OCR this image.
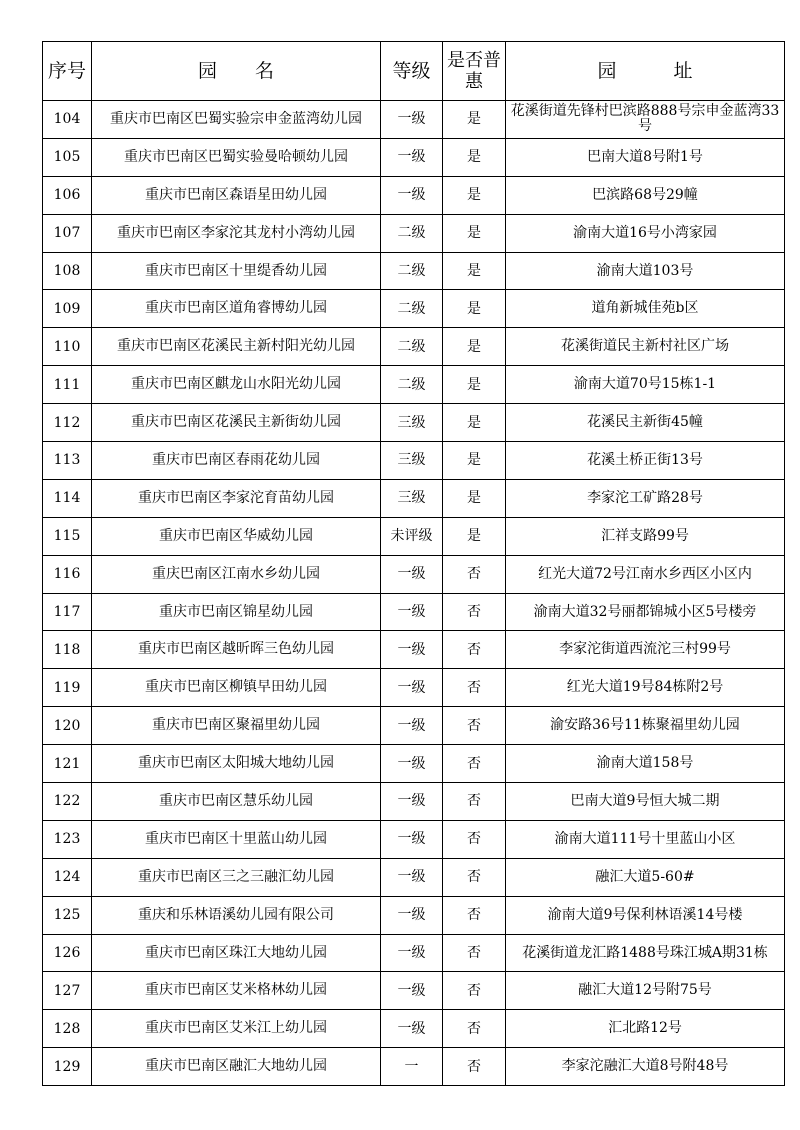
序号	园　　名	等级	是否普惠	园　　　址
104	重庆市巴南区巴蜀实验宗申金蓝湾幼儿园	一级	是	花溪街道先锋村巴滨路888号宗申金蓝湾33号
105	重庆市巴南区巴蜀实验曼哈顿幼儿园	一级	是	巴南大道8号附1号
106	重庆市巴南区森语星田幼儿园	一级	是	巴滨路68号29幢
107	重庆市巴南区李家沱其龙村小湾幼儿园	二级	是	渝南大道16号小湾家园
108	重庆市巴南区十里缇香幼儿园	二级	是	渝南大道103号
109	重庆市巴南区道角睿博幼儿园	二级	是	道角新城佳苑b区
110	重庆市巴南区花溪民主新村阳光幼儿园	二级	是	花溪街道民主新村社区广场
111	重庆市巴南区麒龙山水阳光幼儿园	二级	是	渝南大道70号15栋1-1
112	重庆市巴南区花溪民主新街幼儿园	三级	是	花溪民主新街45幢
113	重庆市巴南区春雨花幼儿园	三级	是	花溪土桥正街13号
114	重庆市巴南区李家沱育苗幼儿园	三级	是	李家沱工矿路28号
115	重庆市巴南区华威幼儿园	未评级	是	汇祥支路99号
116	重庆巴南区江南水乡幼儿园	一级	否	红光大道72号江南水乡西区小区内
117	重庆市巴南区锦星幼儿园	一级	否	渝南大道32号丽都锦城小区5号楼旁
118	重庆市巴南区越昕晖三色幼儿园	一级	否	李家沱街道西流沱三村99号
119	重庆市巴南区柳镇早田幼儿园	一级	否	红光大道19号84栋附2号
120	重庆市巴南区聚福里幼儿园	一级	否	渝安路36号11栋聚福里幼儿园
121	重庆市巴南区太阳城大地幼儿园	一级	否	渝南大道158号
122	重庆市巴南区慧乐幼儿园	一级	否	巴南大道9号恒大城二期
123	重庆市巴南区十里蓝山幼儿园	一级	否	渝南大道111号十里蓝山小区
124	重庆市巴南区三之三融汇幼儿园	一级	否	融汇大道5-60#
125	重庆和乐林语溪幼儿园有限公司	一级	否	渝南大道9号保利林语溪14号楼
126	重庆市巴南区珠江大地幼儿园	一级	否	花溪街道龙汇路1488号珠江城A期31栋
127	重庆市巴南区艾米格林幼儿园	一级	否	融汇大道12号附75号
128	重庆市巴南区艾米江上幼儿园	一级	否	汇北路12号
129	重庆市巴南区融汇大地幼儿园	一	否	李家沱融汇大道8号附48号
